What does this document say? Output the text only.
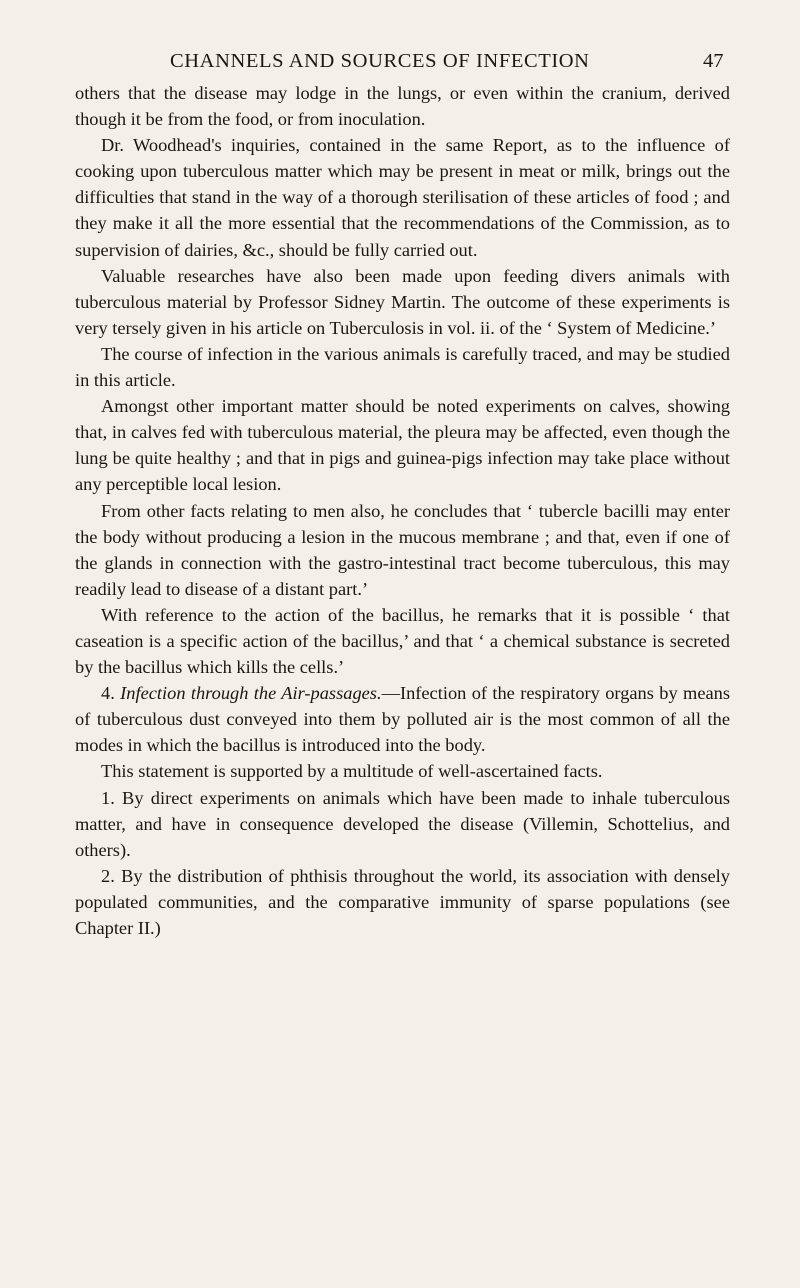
CHANNELS AND SOURCES OF INFECTION	47

others that the disease may lodge in the lungs, or even within the cranium, derived though it be from the food, or from inoculation.

Dr. Woodhead's inquiries, contained in the same Report, as to the influence of cooking upon tuberculous matter which may be present in meat or milk, brings out the difficulties that stand in the way of a thorough sterilisation of these articles of food ; and they make it all the more essential that the recommendations of the Commission, as to supervision of dairies, &c., should be fully carried out.

Valuable researches have also been made upon feeding divers animals with tuberculous material by Professor Sidney Martin. The outcome of these experiments is very tersely given in his article on Tuberculosis in vol. ii. of the ‘ System of Medicine.’

The course of infection in the various animals is carefully traced, and may be studied in this article.

Amongst other important matter should be noted experiments on calves, showing that, in calves fed with tuberculous material, the pleura may be affected, even though the lung be quite healthy ; and that in pigs and guinea-pigs infection may take place without any perceptible local lesion.

From other facts relating to men also, he concludes that ‘ tubercle bacilli may enter the body without producing a lesion in the mucous membrane ; and that, even if one of the glands in connection with the gastro-intestinal tract become tuberculous, this may readily lead to disease of a distant part.’

With reference to the action of the bacillus, he remarks that it is possible ‘ that caseation is a specific action of the bacillus,’ and that ‘ a chemical substance is secreted by the bacillus which kills the cells.’

4. Infection through the Air-passages.—Infection of the respiratory organs by means of tuberculous dust conveyed into them by polluted air is the most common of all the modes in which the bacillus is introduced into the body.

This statement is supported by a multitude of well-ascertained facts.

1. By direct experiments on animals which have been made to inhale tuberculous matter, and have in consequence developed the disease (Villemin, Schottelius, and others).

2. By the distribution of phthisis throughout the world, its association with densely populated communities, and the comparative immunity of sparse populations (see Chapter II.)
